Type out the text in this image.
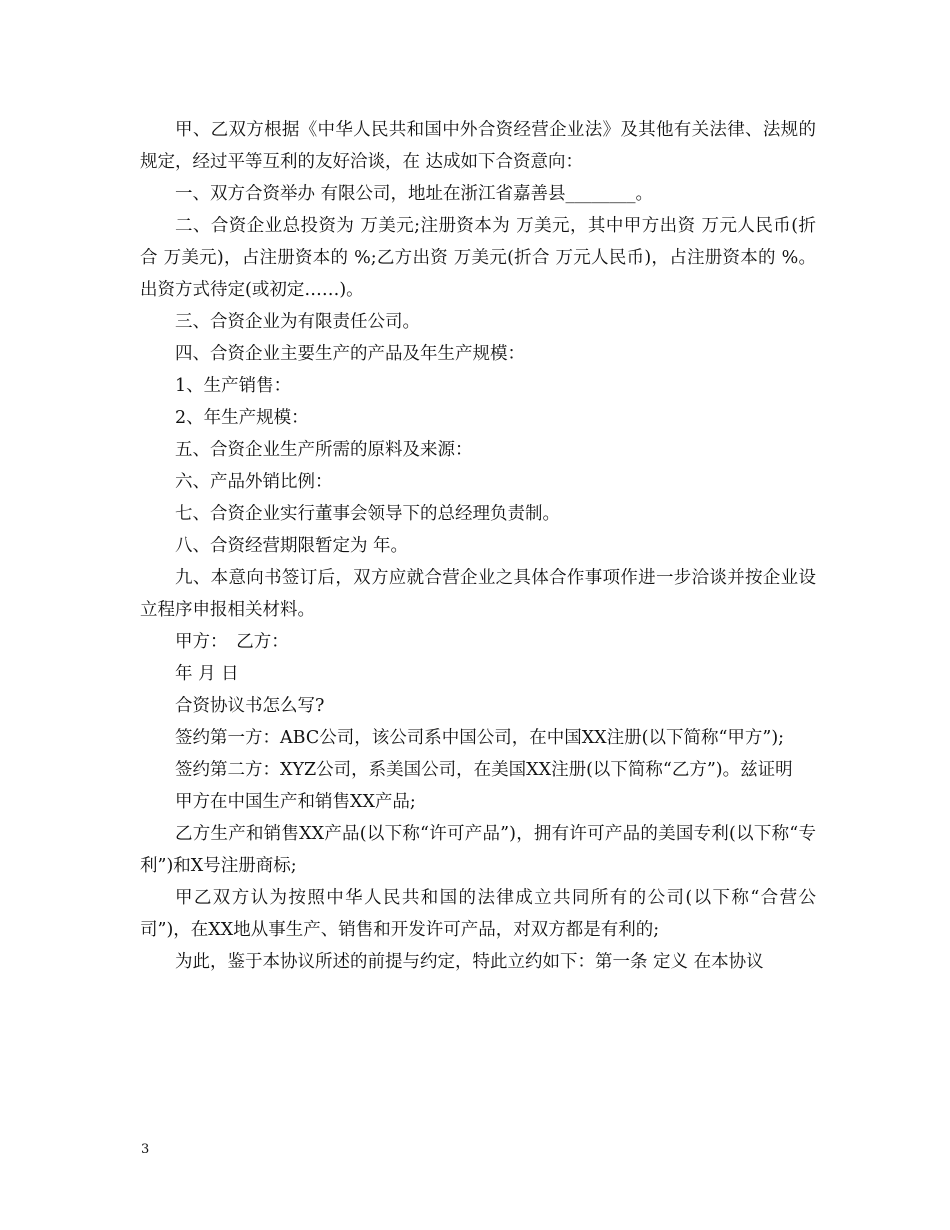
甲、乙双方根据《中华人民共和国中外合资经营企业法》及其他有关法律、法规的规定，经过平等互利的友好洽谈，在 达成如下合资意向：

一、双方合资举办 有限公司，地址在浙江省嘉善县________。

二、合资企业总投资为 万美元;注册资本为 万美元，其中甲方出资 万元人民币(折合 万美元)，占注册资本的 %;乙方出资 万美元(折合 万元人民币)，占注册资本的 %。出资方式待定(或初定……)。

三、合资企业为有限责任公司。

四、合资企业主要生产的产品及年生产规模：

1、生产销售：

2、年生产规模：

五、合资企业生产所需的原料及来源：

六、产品外销比例：

七、合资企业实行董事会领导下的总经理负责制。

八、合资经营期限暂定为 年。

九、本意向书签订后，双方应就合营企业之具体合作事项作进一步洽谈并按企业设立程序申报相关材料。

甲方：　乙方：

年 月 日

合资协议书怎么写?

签约第一方：ABC公司，该公司系中国公司，在中国XX注册(以下简称“甲方”);

签约第二方：XYZ公司，系美国公司，在美国XX注册(以下简称“乙方”)。兹证明

甲方在中国生产和销售XX产品;

乙方生产和销售XX产品(以下称“许可产品”)，拥有许可产品的美国专利(以下称“专利”)和X号注册商标;

甲乙双方认为按照中华人民共和国的法律成立共同所有的公司(以下称“合营公司”)，在XX地从事生产、销售和开发许可产品，对双方都是有利的;

为此，鉴于本协议所述的前提与约定，特此立约如下：第一条 定义 在本协议

3
